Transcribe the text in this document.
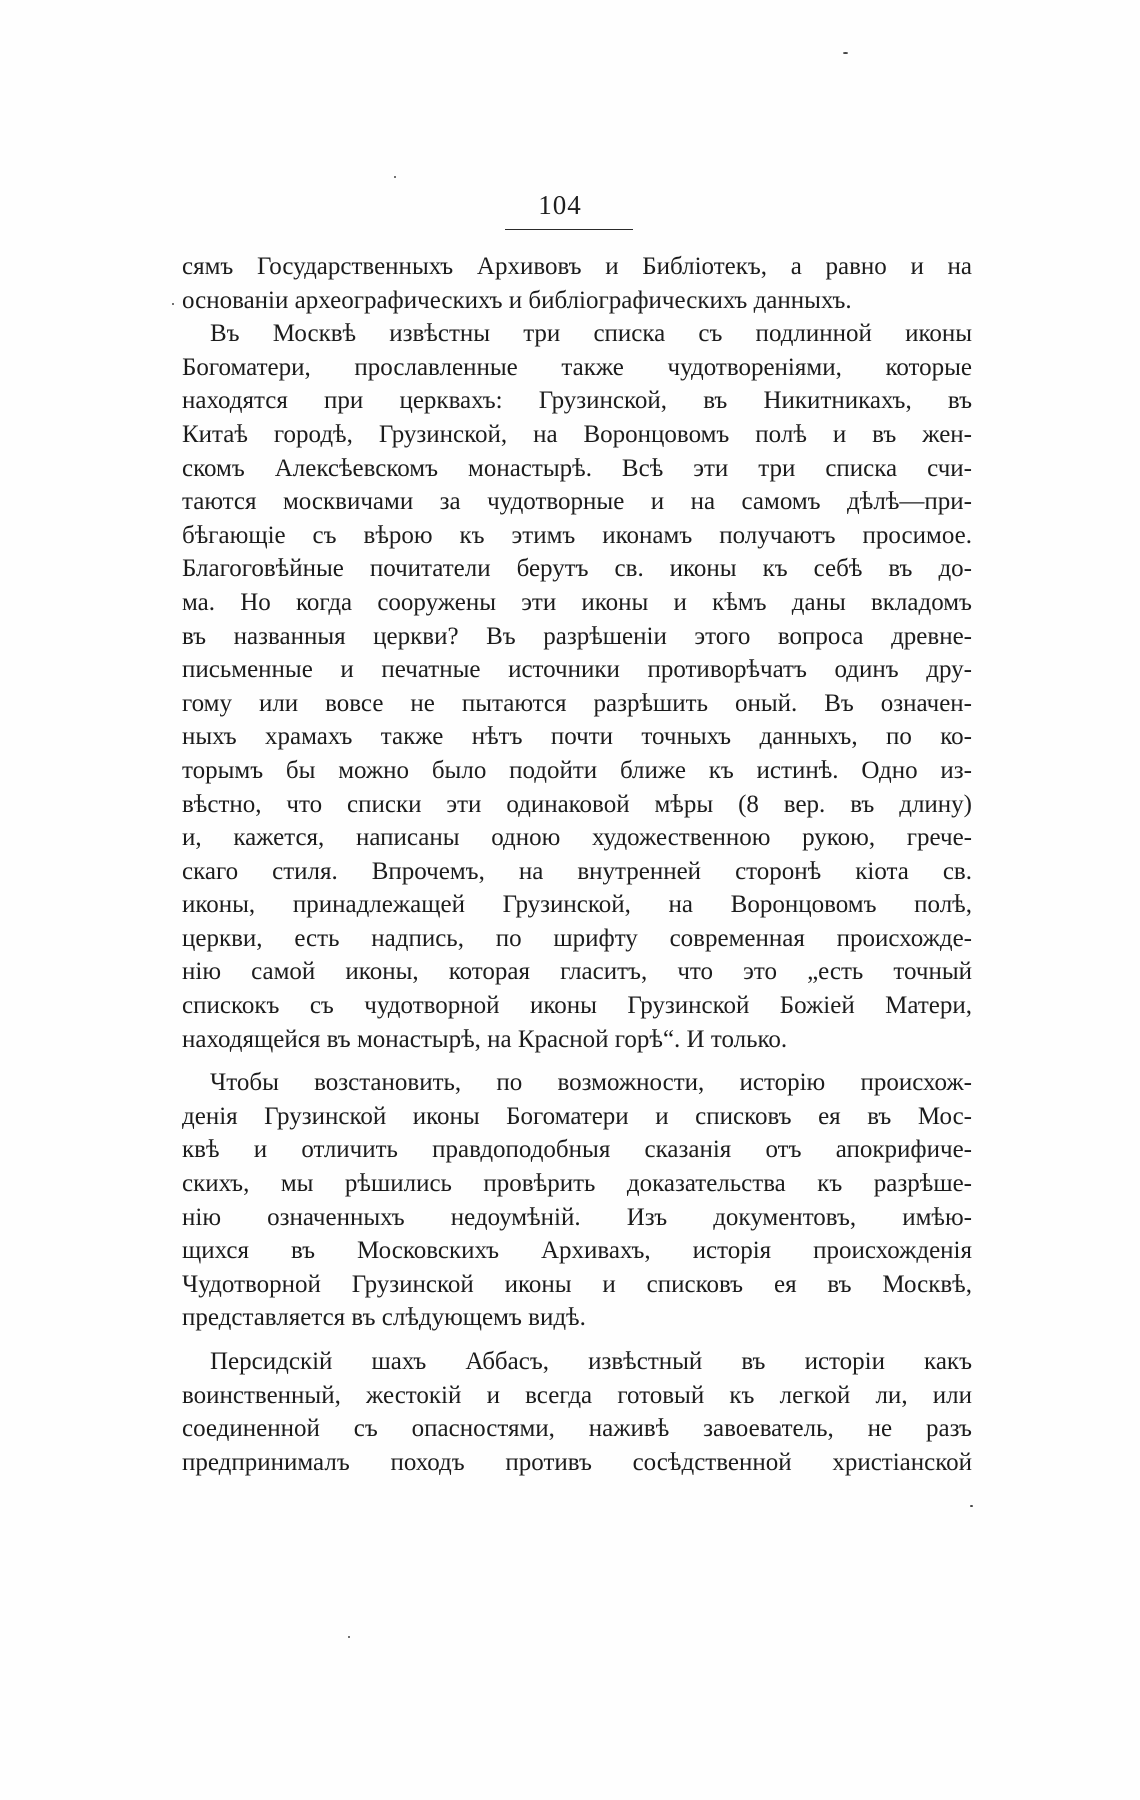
104
сямъ Государственныхъ Архивовъ и Библіотекъ, а равно и на
основаніи археографическихъ и библіографическихъ данныхъ.
Въ Москвѣ извѣстны три списка съ подлинной иконы
Богоматери, прославленные также чудотвореніями, которые
находятся при церквахъ: Грузинской, въ Никитникахъ, въ
Китаѣ городѣ, Грузинской, на Воронцовомъ полѣ и въ жен-
скомъ Алексѣевскомъ монастырѣ. Всѣ эти три списка счи-
таются москвичами за чудотворные и на самомъ дѣлѣ—при-
бѣгающіе съ вѣрою къ этимъ иконамъ получаютъ просимое.
Благоговѣйные почитатели берутъ св. иконы къ себѣ въ до-
ма. Но когда сооружены эти иконы и кѣмъ даны вкладомъ
въ названныя церкви? Въ разрѣшеніи этого вопроса древне-
письменные и печатные источники противорѣчатъ одинъ дру-
гому или вовсе не пытаются разрѣшить оный. Въ означен-
ныхъ храмахъ также нѣтъ почти точныхъ данныхъ, по ко-
торымъ бы можно было подойти ближе къ истинѣ. Одно из-
вѣстно, что списки эти одинаковой мѣры (8 вер. въ длину)
и, кажется, написаны одною художественною рукою, грече-
скаго стиля. Впрочемъ, на внутренней сторонѣ кіота св.
иконы, принадлежащей Грузинской, на Воронцовомъ полѣ,
церкви, есть надпись, по шрифту современная происхожде-
нію самой иконы, которая гласитъ, что это „есть точный
спискокъ съ чудотворной иконы Грузинской Божіей Матери,
находящейся въ монастырѣ, на Красной горѣ“. И только.
Чтобы возстановить, по возможности, исторію происхож-
денія Грузинской иконы Богоматери и списковъ ея въ Мос-
квѣ и отличить правдоподобныя сказанія отъ апокрифиче-
скихъ, мы рѣшились провѣрить доказательства къ разрѣше-
нію означенныхъ недоумѣній. Изъ документовъ, имѣю-
щихся въ Московскихъ Архивахъ, исторія происхожденія
Чудотворной Грузинской иконы и списковъ ея въ Москвѣ,
представляется въ слѣдующемъ видѣ.
Персидскій шахъ Аббасъ, извѣстный въ исторіи какъ
воинственный, жестокій и всегда готовый къ легкой ли, или
соединенной съ опасностями, наживѣ завоеватель, не разъ
предпринималъ походъ противъ сосѣдственной христіанской
